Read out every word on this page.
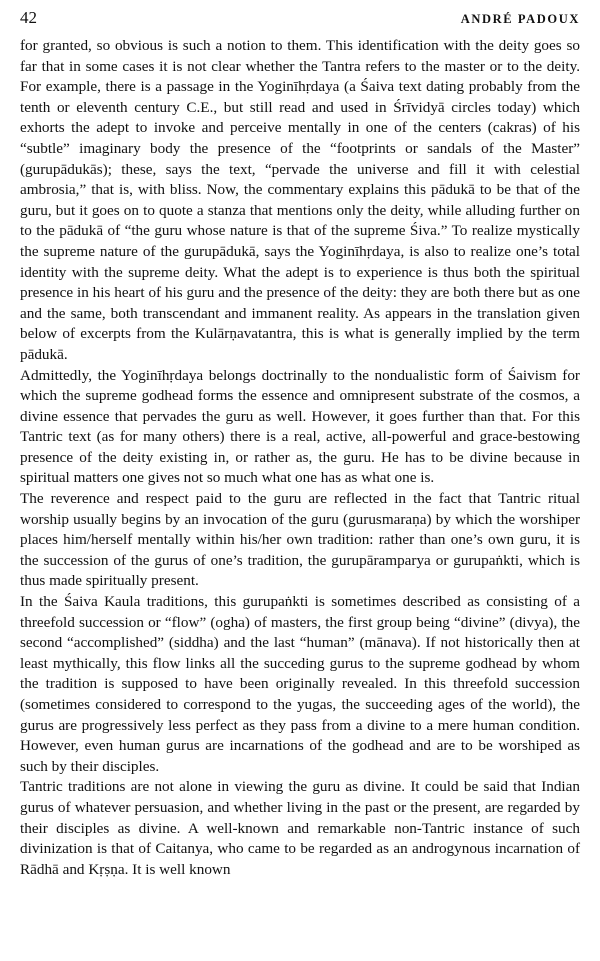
42	ANDRÉ PADOUX

for granted, so obvious is such a notion to them. This identification with the deity goes so far that in some cases it is not clear whether the Tantra refers to the master or to the deity. For example, there is a passage in the Yoginīhṛdaya (a Śaiva text dating probably from the tenth or eleventh century C.E., but still read and used in Śrīvidyā circles today) which exhorts the adept to invoke and perceive mentally in one of the centers (cakras) of his “subtle” imaginary body the presence of the “footprints or sandals of the Master” (gurupādukās); these, says the text, “pervade the universe and fill it with celestial ambrosia,” that is, with bliss. Now, the commentary explains this pādukā to be that of the guru, but it goes on to quote a stanza that mentions only the deity, while alluding further on to the pādukā of “the guru whose nature is that of the supreme Śiva.” To realize mystically the supreme nature of the gurupādukā, says the Yoginīhṛdaya, is also to realize one’s total identity with the supreme deity. What the adept is to experience is thus both the spiritual presence in his heart of his guru and the presence of the deity: they are both there but as one and the same, both transcendant and immanent reality. As appears in the translation given below of excerpts from the Kulārṇavatantra, this is what is generally implied by the term pādukā.

Admittedly, the Yoginīhṛdaya belongs doctrinally to the nondualistic form of Śaivism for which the supreme godhead forms the essence and omnipresent substrate of the cosmos, a divine essence that pervades the guru as well. However, it goes further than that. For this Tantric text (as for many others) there is a real, active, all-powerful and grace-bestowing presence of the deity existing in, or rather as, the guru. He has to be divine because in spiritual matters one gives not so much what one has as what one is.

The reverence and respect paid to the guru are reflected in the fact that Tantric ritual worship usually begins by an invocation of the guru (gurusmaraṇa) by which the worshiper places him/herself mentally within his/her own tradition: rather than one’s own guru, it is the succession of the gurus of one’s tradition, the gurupāramparya or gurupaṅkti, which is thus made spiritually present.

In the Śaiva Kaula traditions, this gurupaṅkti is sometimes described as consisting of a threefold succession or “flow” (ogha) of masters, the first group being “divine” (divya), the second “accomplished” (siddha) and the last “human” (mānava). If not historically then at least mythically, this flow links all the succeding gurus to the supreme godhead by whom the tradition is supposed to have been originally revealed. In this threefold succession (sometimes considered to correspond to the yugas, the succeeding ages of the world), the gurus are progressively less perfect as they pass from a divine to a mere human condition. However, even human gurus are incarnations of the godhead and are to be worshiped as such by their disciples.

Tantric traditions are not alone in viewing the guru as divine. It could be said that Indian gurus of whatever persuasion, and whether living in the past or the present, are regarded by their disciples as divine. A well-known and remarkable non-Tantric instance of such divinization is that of Caitanya, who came to be regarded as an androgynous incarnation of Rādhā and Kṛṣṇa. It is well known
